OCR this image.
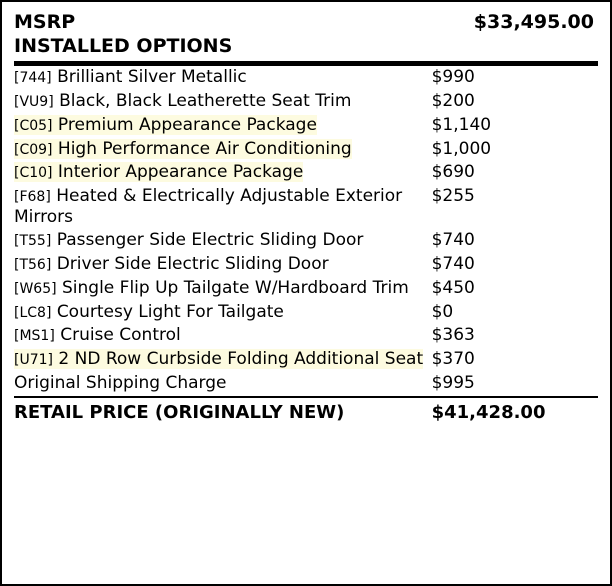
MSRP	$33,495.00
INSTALLED OPTIONS	

[744] Brilliant Silver Metallic	$990
[VU9] Black, Black Leatherette Seat Trim	$200
[C05] Premium Appearance Package	$1,140
[C09] High Performance Air Conditioning	$1,000
[C10] Interior Appearance Package	$690
[F68] Heated & Electrically Adjustable Exterior Mirrors	$255
[T55] Passenger Side Electric Sliding Door	$740
[T56] Driver Side Electric Sliding Door	$740
[W65] Single Flip Up Tailgate W/Hardboard Trim	$450
[LC8] Courtesy Light For Tailgate	$0
[MS1] Cruise Control	$363
[U71] 2 ND Row Curbside Folding Additional Seat	$370
Original Shipping Charge	$995
RETAIL PRICE (ORIGINALLY NEW)	$41,428.00
